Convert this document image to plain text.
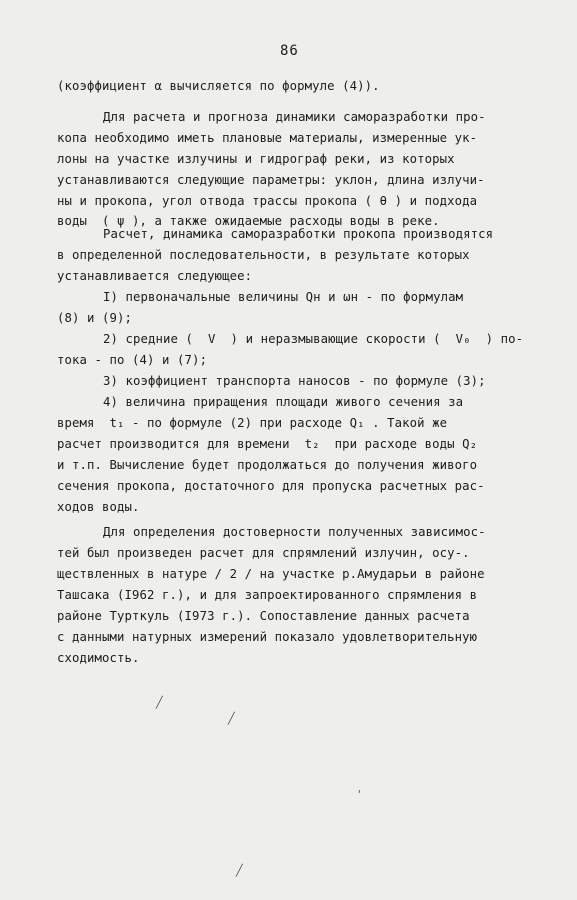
86
(коэффициент α вычисляется по формуле (4)).
Для расчета и прогноза динамики саморазработки про-
копа необходимо иметь плановые материалы, измеренные ук-
лоны на участке излучины и гидрограф реки, из которых
устанавливаются следующие параметры: уклон, длина излучи-
ны и прокопа, угол отвода трассы прокопа ( θ ) и подхода
воды  ( ψ ), а также ожидаемые расходы воды в реке.
Расчет, динамика саморазработки прокопа производятся
в определенной последовательности, в результате которых
устанавливается следующее:
I) первоначальные величины Qн и ωн - по формулам
(8) и (9);
2) средние (  V  ) и неразмывающие скорости (  V₀  ) по-
тока - по (4) и (7);
3) коэффициент транспорта наносов - по формуле (3);
4) величина приращения площади живого сечения за
время  t₁ - по формуле (2) при расходе Q₁ . Такой же
расчет производится для времени  t₂  при расходе воды Q₂
и т.п. Вычисление будет продолжаться до получения живого
сечения прокопа, достаточного для пропуска расчетных рас-
ходов воды.
Для определения достоверности полученных зависимос-
тей был произведен расчет для спрямлений излучин, осу-.
ществленных в натуре / 2 / на участке р.Амударьи в районе
Ташсака (I962 г.), и для запроектированного спрямления в
районе Турткуль (I973 г.). Сопоставление данных расчета
с данными натурных измерений показало удовлетворительную
сходимость.
╱
╱
'
╱
